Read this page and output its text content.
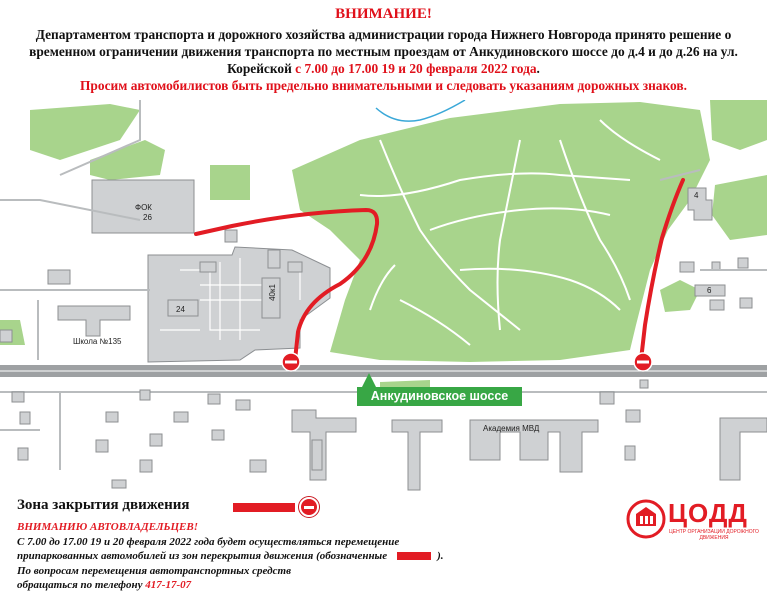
ВНИМАНИЕ!
Департаментом транспорта и дорожного хозяйства администрации города Нижнего Новгорода принято решение о временном ограничении движения транспорта по местным проездам от Анкудиновского шоссе до д.4 и до д.26 на ул. Корейской с 7.00 до 17.00 19 и 20 февраля 2022 года.
Просим автомобилистов быть предельно внимательными и следовать указаниям дорожных знаков.
ФОК
26
24
40к1
Школа №135
4
6
Академия МВД
Анкудиновское шоссе
Зона закрытия движения
ВНИМАНИЮ АВТОВЛАДЕЛЬЦЕВ!
С 7.00 до 17.00 19 и 20 февраля 2022 года будет осуществляться перемещение
припаркованных автомобилей из зон перекрытия движения (обозначенные	).
По вопросам перемещения автотранспортных средств
обращаться по телефону 417-17-07
ЦОДД
ЦЕНТР ОРГАНИЗАЦИИ ДОРОЖНОГО ДВИЖЕНИЯ
